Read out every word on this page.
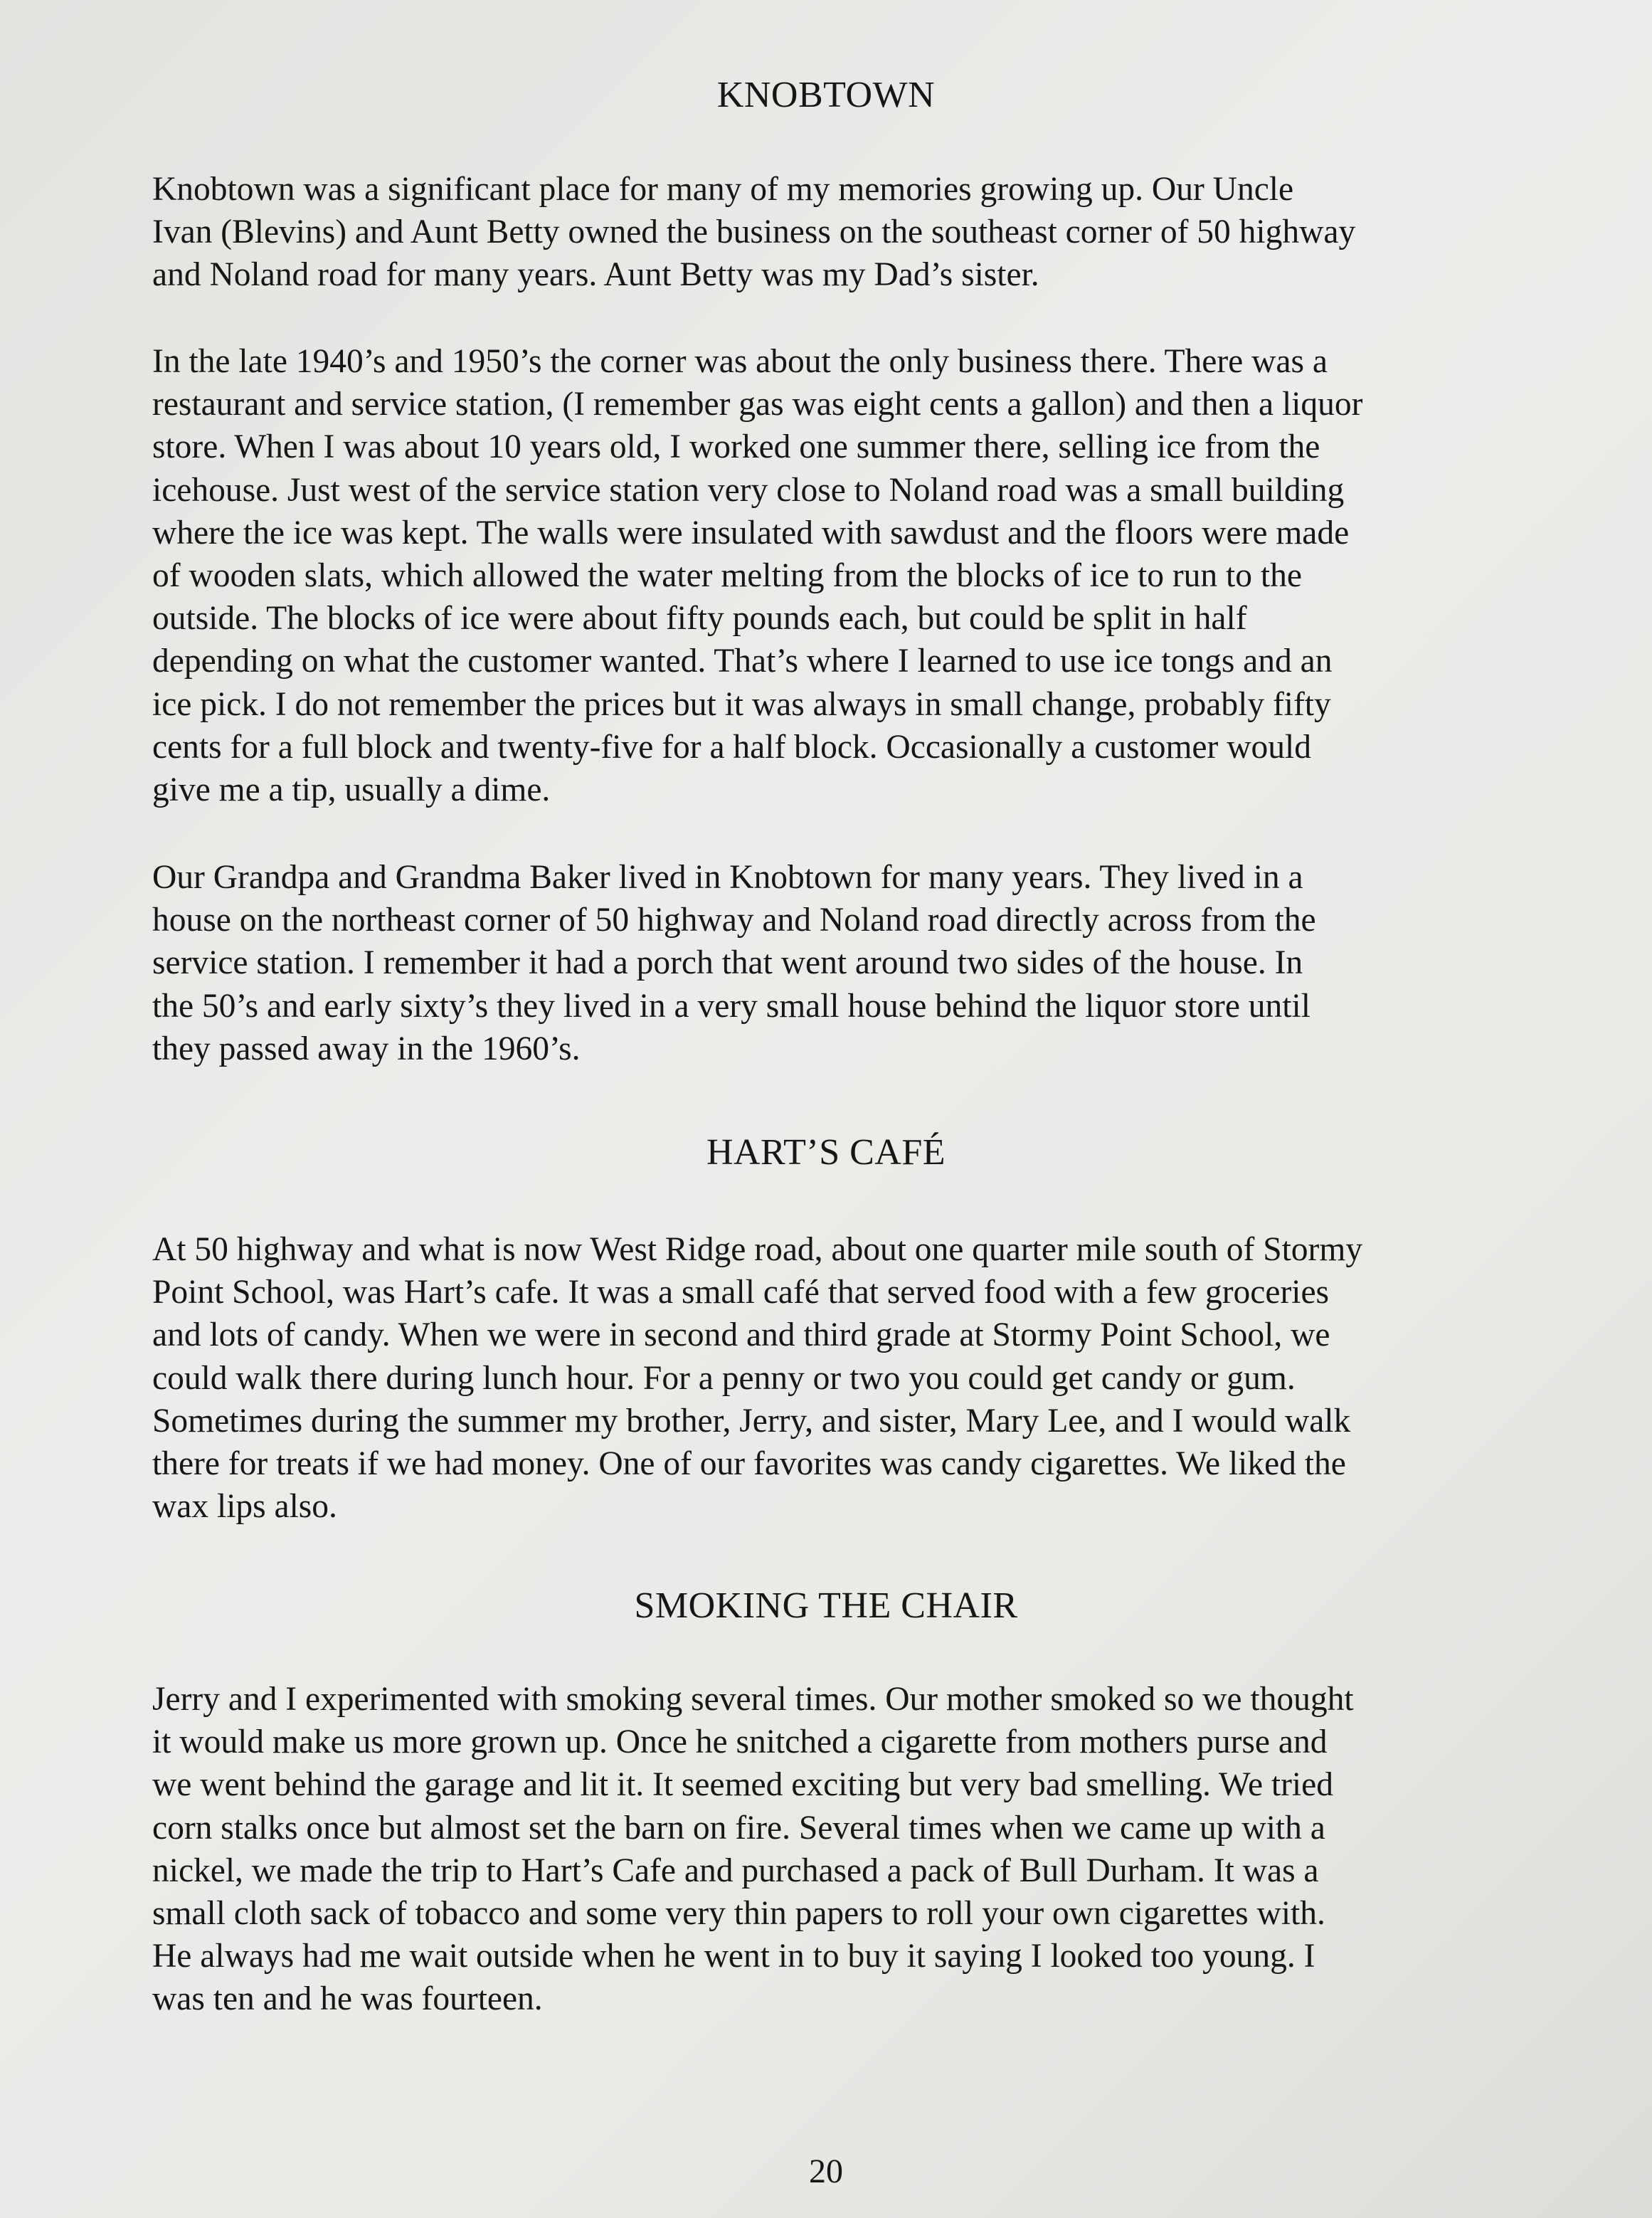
KNOBTOWN
Knobtown was a significant place for many of my memories growing up. Our Uncle
Ivan (Blevins) and Aunt Betty owned the business on the southeast corner of 50 highway
and Noland road for many years. Aunt Betty was my Dad’s sister.
In the late 1940’s and 1950’s the corner was about the only business there. There was a
restaurant and service station, (I remember gas was eight cents a gallon) and then a liquor
store. When I was about 10 years old, I worked one summer there, selling ice from the
icehouse. Just west of the service station very close to Noland road was a small building
where the ice was kept. The walls were insulated with sawdust and the floors were made
of wooden slats, which allowed the water melting from the blocks of ice to run to the
outside. The blocks of ice were about fifty pounds each, but could be split in half
depending on what the customer wanted. That’s where I learned to use ice tongs and an
ice pick. I do not remember the prices but it was always in small change, probably fifty
cents for a full block and twenty-five for a half block. Occasionally a customer would
give me a tip, usually a dime.
Our Grandpa and Grandma Baker lived in Knobtown for many years. They lived in a
house on the northeast corner of 50 highway and Noland road directly across from the
service station. I remember it had a porch that went around two sides of the house. In
the 50’s and early sixty’s they lived in a very small house behind the liquor store until
they passed away in the 1960’s.
HART’S CAFÉ
At 50 highway and what is now West Ridge road, about one quarter mile south of Stormy
Point School, was Hart’s cafe. It was a small café that served food with a few groceries
and lots of candy. When we were in second and third grade at Stormy Point School, we
could walk there during lunch hour. For a penny or two you could get candy or gum.
Sometimes during the summer my brother, Jerry, and sister, Mary Lee, and I would walk
there for treats if we had money. One of our favorites was candy cigarettes. We liked the
wax lips also.
SMOKING THE CHAIR
Jerry and I experimented with smoking several times. Our mother smoked so we thought
it would make us more grown up. Once he snitched a cigarette from mothers purse and
we went behind the garage and lit it. It seemed exciting but very bad smelling. We tried
corn stalks once but almost set the barn on fire. Several times when we came up with a
nickel, we made the trip to Hart’s Cafe and purchased a pack of Bull Durham. It was a
small cloth sack of tobacco and some very thin papers to roll your own cigarettes with.
He always had me wait outside when he went in to buy it saying I looked too young. I
was ten and he was fourteen.
20
